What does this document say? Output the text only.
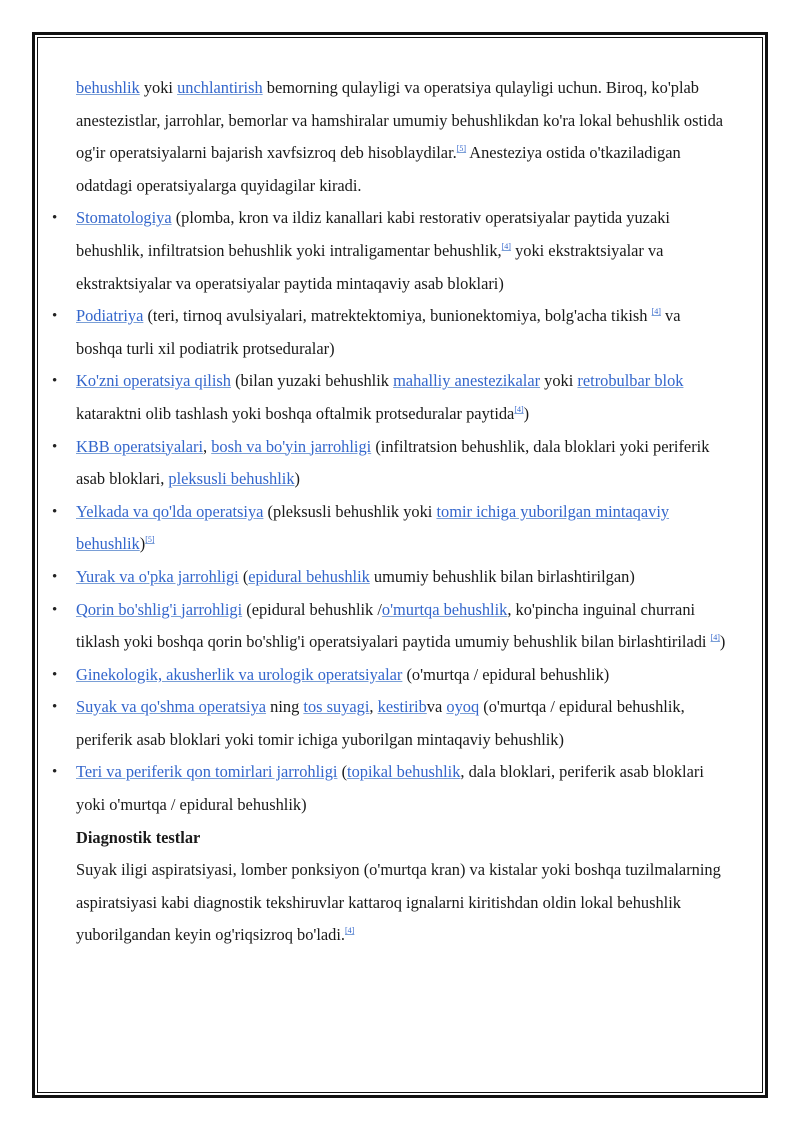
behushlik yoki unchlantirish bemorning qulayligi va operatsiya qulayligi uchun. Biroq, ko'plab anestezistlar, jarrohlar, bemorlar va hamshiralar umumiy behushlikdan ko'ra lokal behushlik ostida og'ir operatsiyalarni bajarish xavfsizroq deb hisoblaydilar.[5] Anesteziya ostida o'tkaziladigan odatdagi operatsiyalarga quyidagilar kiradi.

• Stomatologiya (plomba, kron va ildiz kanallari kabi restorativ operatsiyalar paytida yuzaki behushlik, infiltratsion behushlik yoki intraligamentar behushlik,[4] yoki ekstraktsiyalar va ekstraktsiyalar va operatsiyalar paytida mintaqaviy asab bloklari)
• Podiatriya (teri, tirnoq avulsiyalari, matrektektomiya, bunionektomiya, bolg'acha tikish [4] va boshqa turli xil podiatrik protseduralar)
• Ko'zni operatsiya qilish (bilan yuzaki behushlik mahalliy anestezikalar yoki retrobulbar blok kataraktni olib tashlash yoki boshqa oftalmik protseduralar paytida[4])
• KBB operatsiyalari, bosh va bo'yin jarrohligi (infiltratsion behushlik, dala bloklari yoki periferik asab bloklari, pleksusli behushlik)
• Yelkada va qo'lda operatsiya (pleksusli behushlik yoki tomir ichiga yuborilgan mintaqaviy behushlik)[5]
• Yurak va o'pka jarrohligi (epidural behushlik umumiy behushlik bilan birlashtirilgan)
• Qorin bo'shlig'i jarrohligi (epidural behushlik /o'murtqa behushlik, ko'pincha inguinal churrani tiklash yoki boshqa qorin bo'shlig'i operatsiyalari paytida umumiy behushlik bilan birlashtiriladi [4])
• Ginekologik, akusherlik va urologik operatsiyalar (o'murtqa / epidural behushlik)
• Suyak va qo'shma operatsiya ning tos suyagi, kestiribva oyoq (o'murtqa / epidural behushlik, periferik asab bloklari yoki tomir ichiga yuborilgan mintaqaviy behushlik)
• Teri va periferik qon tomirlari jarrohligi (topikal behushlik, dala bloklari, periferik asab bloklari yoki o'murtqa / epidural behushlik)
Diagnostik testlar

Suyak iligi aspiratsiyasi, lomber ponksiyon (o'murtqa kran) va kistalar yoki boshqa tuzilmalarning aspiratsiyasi kabi diagnostik tekshiruvlar kattaroq ignalarni kiritishdan oldin lokal behushlik yuborilgandan keyin og'riqsizroq bo'ladi.[4]
